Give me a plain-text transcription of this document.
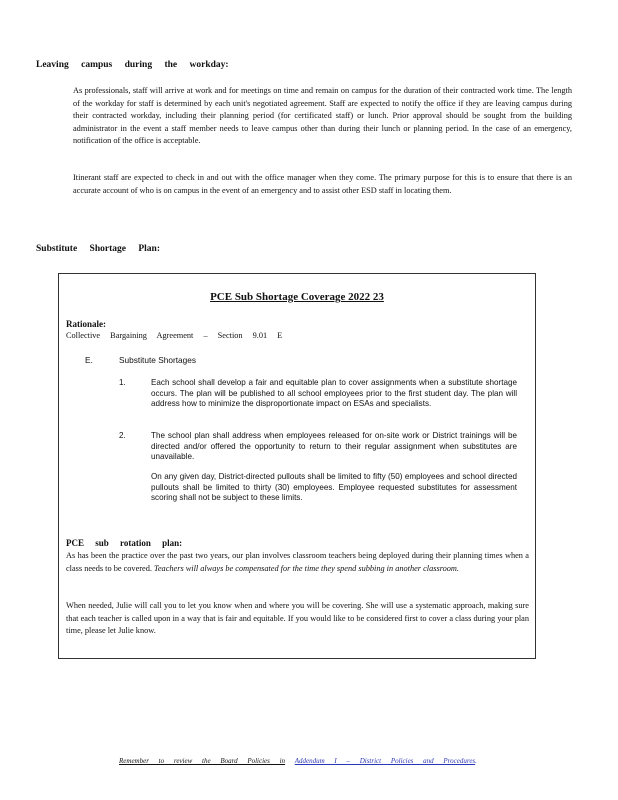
Leaving campus during the workday:
As professionals, staff will arrive at work and for meetings on time and remain on campus for the duration of their contracted work time. The length of the workday for staff is determined by each unit's negotiated agreement. Staff are expected to notify the office if they are leaving campus during their contracted workday, including their planning period (for certificated staff) or lunch. Prior approval should be sought from the building administrator in the event a staff member needs to leave campus other than during their lunch or planning period. In the case of an emergency, notification of the office is acceptable.
Itinerant staff are expected to check in and out with the office manager when they come. The primary purpose for this is to ensure that there is an accurate account of who is on campus in the event of an emergency and to assist other ESD staff in locating them.
Substitute Shortage Plan:
PCE Sub Shortage Coverage 2022 23
Rationale:
Collective Bargaining Agreement – Section 9.01 E
E.	Substitute Shortages
1.	Each school shall develop a fair and equitable plan to cover assignments when a substitute shortage occurs. The plan will be published to all school employees prior to the first student day. The plan will address how to minimize the disproportionate impact on ESAs and specialists.
2.	The school plan shall address when employees released for on-site work or District trainings will be directed and/or offered the opportunity to return to their regular assignment when substitutes are unavailable.
On any given day, District-directed pullouts shall be limited to fifty (50) employees and school directed pullouts shall be limited to thirty (30) employees. Employee requested substitutes for assessment scoring shall not be subject to these limits.
PCE sub rotation plan:
As has been the practice over the past two years, our plan involves classroom teachers being deployed during their planning times when a class needs to be covered. Teachers will always be compensated for the time they spend subbing in another classroom.
When needed, Julie will call you to let you know when and where you will be covering. She will use a systematic approach, making sure that each teacher is called upon in a way that is fair and equitable. If you would like to be considered first to cover a class during your plan time, please let Julie know.
Remember to review the Board Policies in Addendum I – District Policies and Procedures.
